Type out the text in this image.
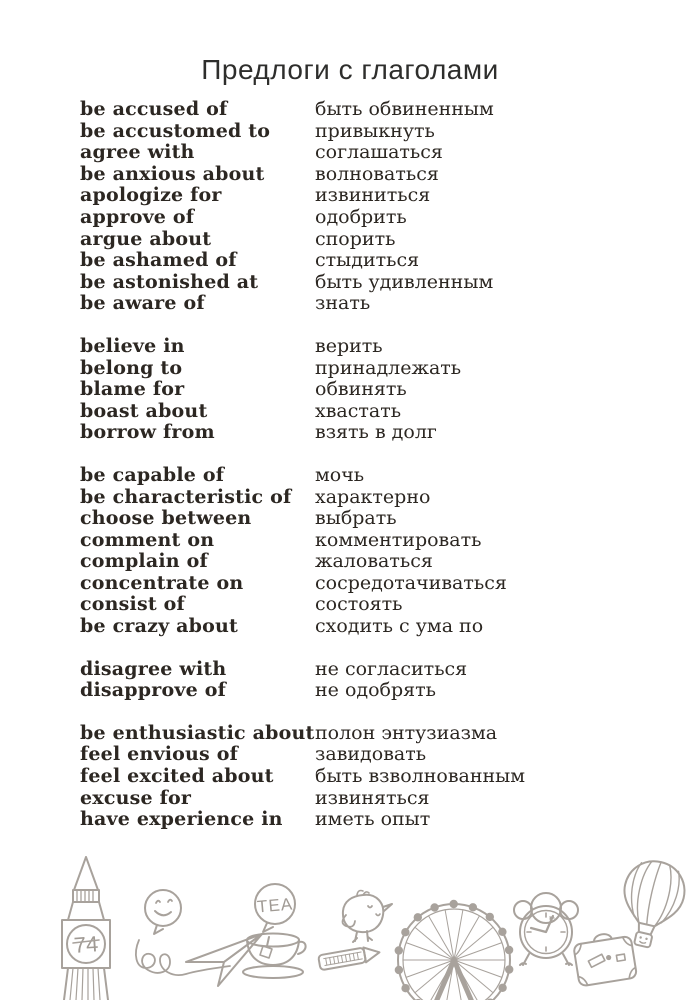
Предлоги с глаголами
be accused of	быть обвиненным
be accustomed to	привыкнуть
agree with	соглашаться
be anxious about	волноваться
apologize for	извиниться
approve of	одобрить
argue about	спорить
be ashamed of	стыдиться
be astonished at	быть удивленным
be aware of	знать
believe in	верить
belong to	принадлежать
blame for	обвинять
boast about	хвастать
borrow from	взять в долг
be capable of	мочь
be characteristic of	характерно
choose between	выбрать
comment on	комментировать
complain of	жаловаться
concentrate on	сосредотачиваться
consist of	состоять
be crazy about	сходить с ума по
disagree with	не согласиться
disapprove of	не одобрять
be enthusiastic about полон энтузиазма
feel envious of	завидовать
feel excited about	быть взволнованным
excuse for	извиняться
have experience in	иметь опыт
74
TEA
